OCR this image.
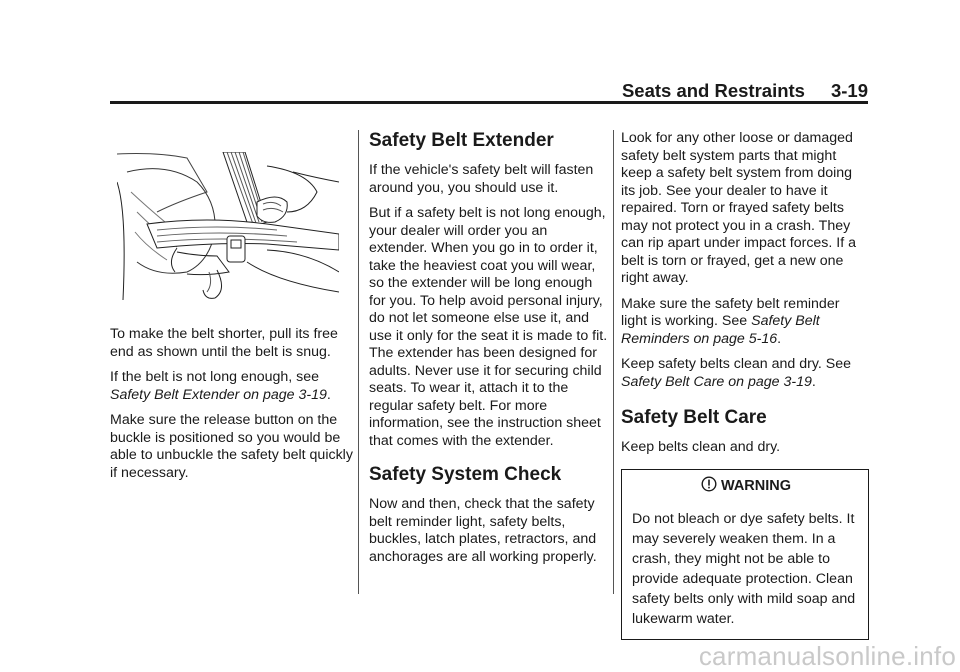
Seats and Restraints 3-19

To make the belt shorter, pull its free end as shown until the belt is snug.

If the belt is not long enough, see Safety Belt Extender on page 3-19.

Make sure the release button on the buckle is positioned so you would be able to unbuckle the safety belt quickly if necessary.

Safety Belt Extender

If the vehicle's safety belt will fasten around you, you should use it.

But if a safety belt is not long enough, your dealer will order you an extender. When you go in to order it, take the heaviest coat you will wear, so the extender will be long enough for you. To help avoid personal injury, do not let someone else use it, and use it only for the seat it is made to fit. The extender has been designed for adults. Never use it for securing child seats. To wear it, attach it to the regular safety belt. For more information, see the instruction sheet that comes with the extender.

Safety System Check

Now and then, check that the safety belt reminder light, safety belts, buckles, latch plates, retractors, and anchorages are all working properly.

Look for any other loose or damaged safety belt system parts that might keep a safety belt system from doing its job. See your dealer to have it repaired. Torn or frayed safety belts may not protect you in a crash. They can rip apart under impact forces. If a belt is torn or frayed, get a new one right away.

Make sure the safety belt reminder light is working. See Safety Belt Reminders on page 5-16.

Keep safety belts clean and dry. See Safety Belt Care on page 3-19.

Safety Belt Care

Keep belts clean and dry.

WARNING
Do not bleach or dye safety belts. It may severely weaken them. In a crash, they might not be able to provide adequate protection. Clean safety belts only with mild soap and lukewarm water.
carmanualsonline.info
